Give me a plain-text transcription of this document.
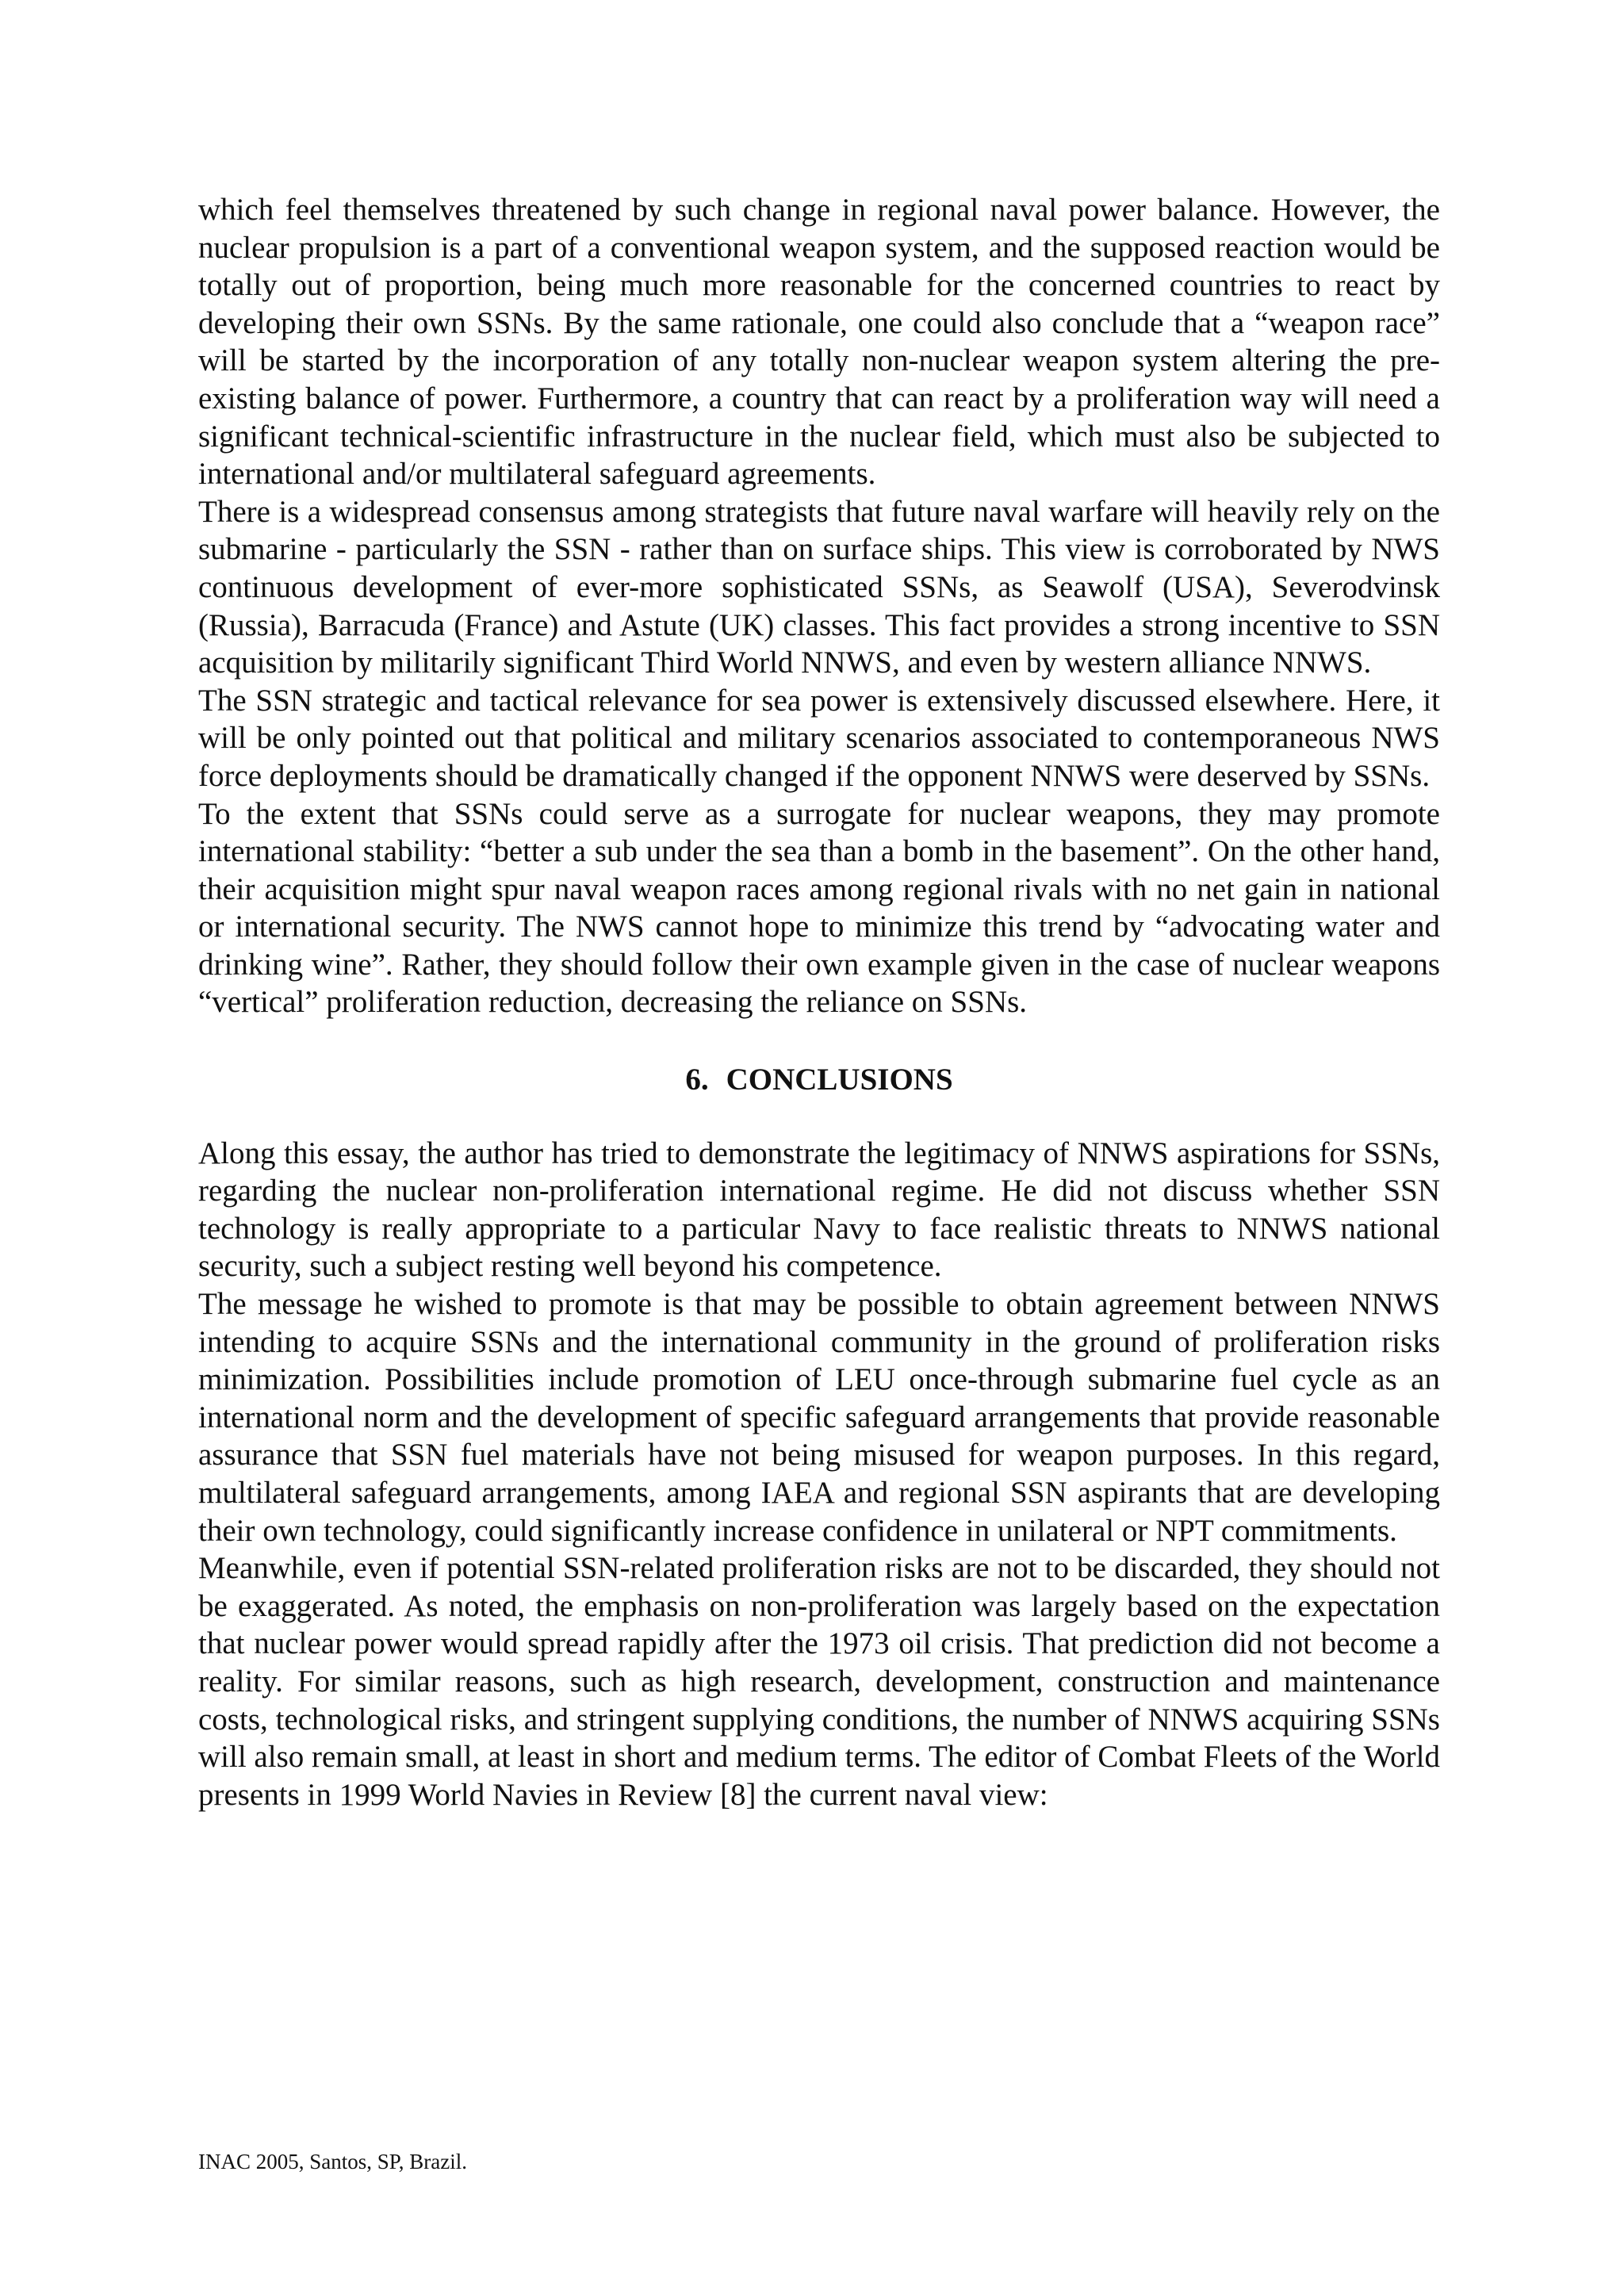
which feel themselves threatened by such change in regional naval power balance. However, the nuclear propulsion is a part of a conventional weapon system, and the supposed reaction would be totally out of proportion, being much more reasonable for the concerned countries to react by developing their own SSNs. By the same rationale, one could also conclude that a “weapon race” will be started by the incorporation of any totally non-nuclear weapon system altering the pre-existing balance of power. Furthermore, a country that can react by a proliferation way will need a significant technical-scientific infrastructure in the nuclear field, which must also be subjected to international and/or multilateral safeguard agreements.

There is a widespread consensus among strategists that future naval warfare will heavily rely on the submarine - particularly the SSN - rather than on surface ships. This view is corroborated by NWS continuous development of ever-more sophisticated SSNs, as Seawolf (USA), Severodvinsk (Russia), Barracuda (France) and Astute (UK) classes. This fact provides a strong incentive to SSN acquisition by militarily significant Third World NNWS, and even by western alliance NNWS.

The SSN strategic and tactical relevance for sea power is extensively discussed elsewhere. Here, it will be only pointed out that political and military scenarios associated to contemporaneous NWS force deployments should be dramatically changed if the opponent NNWS were deserved by SSNs.

To the extent that SSNs could serve as a surrogate for nuclear weapons, they may promote international stability: “better a sub under the sea than a bomb in the basement”. On the other hand, their acquisition might spur naval weapon races among regional rivals with no net gain in national or international security. The NWS cannot hope to minimize this trend by “advocating water and drinking wine”. Rather, they should follow their own example given in the case of nuclear weapons “vertical” proliferation reduction, decreasing the reliance on SSNs.

6. CONCLUSIONS

Along this essay, the author has tried to demonstrate the legitimacy of NNWS aspirations for SSNs, regarding the nuclear non-proliferation international regime. He did not discuss whether SSN technology is really appropriate to a particular Navy to face realistic threats to NNWS national security, such a subject resting well beyond his competence.

The message he wished to promote is that may be possible to obtain agreement between NNWS intending to acquire SSNs and the international community in the ground of proliferation risks minimization. Possibilities include promotion of LEU once-through submarine fuel cycle as an international norm and the development of specific safeguard arrangements that provide reasonable assurance that SSN fuel materials have not being misused for weapon purposes. In this regard, multilateral safeguard arrangements, among IAEA and regional SSN aspirants that are developing their own technology, could significantly increase confidence in unilateral or NPT commitments.

Meanwhile, even if potential SSN-related proliferation risks are not to be discarded, they should not be exaggerated. As noted, the emphasis on non-proliferation was largely based on the expectation that nuclear power would spread rapidly after the 1973 oil crisis. That prediction did not become a reality. For similar reasons, such as high research, development, construction and maintenance costs, technological risks, and stringent supplying conditions, the number of NNWS acquiring SSNs will also remain small, at least in short and medium terms. The editor of Combat Fleets of the World presents in 1999 World Navies in Review [8] the current naval view:

INAC 2005, Santos, SP, Brazil.
